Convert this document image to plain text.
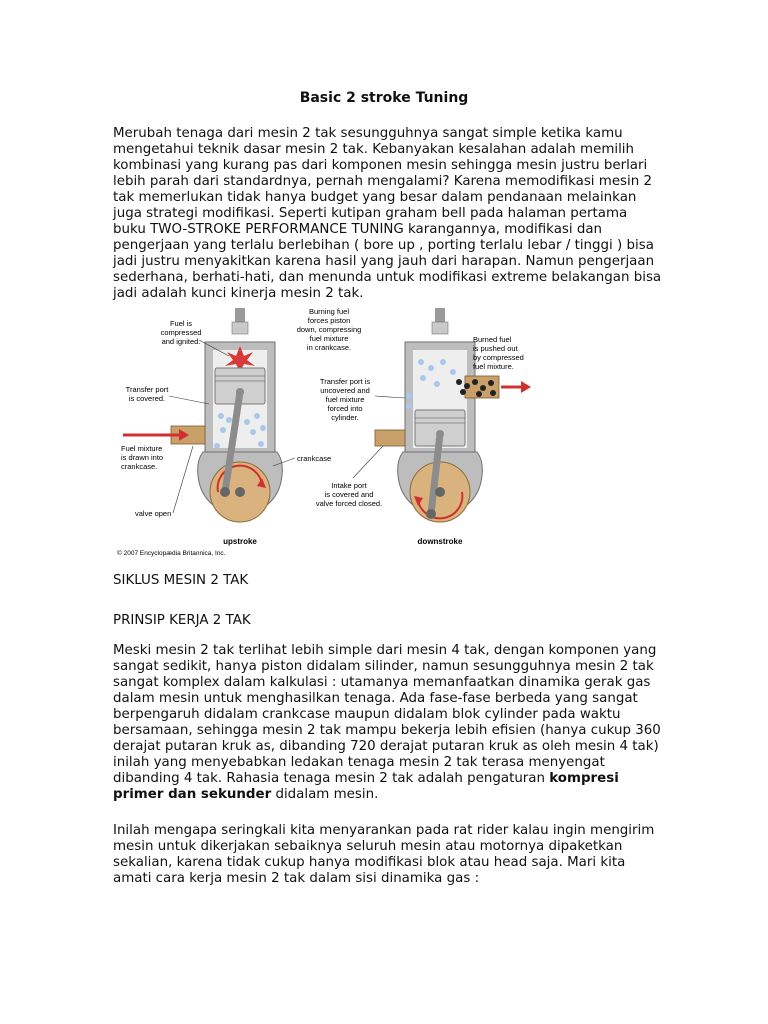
Basic 2 stroke Tuning

Merubah tenaga dari mesin 2 tak sesungguhnya sangat simple ketika kamu mengetahui teknik dasar mesin 2 tak. Kebanyakan kesalahan adalah memilih kombinasi yang kurang pas dari komponen mesin sehingga mesin justru berlari lebih parah dari standardnya, pernah mengalami? Karena memodifikasi mesin 2 tak memerlukan tidak hanya budget yang besar dalam pendanaan melainkan juga strategi modifikasi. Seperti kutipan graham bell pada halaman pertama buku TWO-STROKE PERFORMANCE TUNING karangannya, modifikasi dan pengerjaan yang terlalu berlebihan ( bore up , porting terlalu lebar / tinggi ) bisa jadi justru menyakitkan karena hasil yang jauh dari harapan. Namun pengerjaan sederhana, berhati-hati, dan menunda untuk modifikasi extreme belakangan bisa jadi adalah kunci kinerja mesin 2 tak.

Fuel is
compressed
and ignited.
Transfer port
is covered.
Fuel mixture
is drawn into
crankcase.
crankcase
valve open
upstroke
© 2007 Encyclopædia Britannica, Inc.
Burning fuel
forces piston
down, compressing
fuel mixture
in crankcase.
Transfer port is
uncovered and
fuel mixture
forced into
cylinder.
Intake port
is covered and
valve forced closed.
Burned fuel
is pushed out
by compressed
fuel mixture.
downstroke

SIKLUS MESIN 2 TAK

PRINSIP KERJA 2 TAK

Meski mesin 2 tak terlihat lebih simple dari mesin 4 tak, dengan komponen yang sangat sedikit, hanya piston didalam silinder, namun sesungguhnya mesin 2 tak sangat komplex dalam kalkulasi : utamanya memanfaatkan dinamika gerak gas dalam mesin untuk menghasilkan tenaga. Ada fase-fase berbeda yang sangat berpengaruh didalam crankcase maupun didalam blok cylinder pada waktu bersamaan, sehingga mesin 2 tak mampu bekerja lebih efisien (hanya cukup 360 derajat putaran kruk as, dibanding 720 derajat putaran kruk as oleh mesin 4 tak) inilah yang menyebabkan ledakan tenaga mesin 2 tak terasa menyengat dibanding 4 tak. Rahasia tenaga mesin 2 tak adalah pengaturan kompresi primer dan sekunder didalam mesin.

Inilah mengapa seringkali kita menyarankan pada rat rider kalau ingin mengirim mesin untuk dikerjakan sebaiknya seluruh mesin atau motornya dipaketkan sekalian, karena tidak cukup hanya modifikasi blok atau head saja. Mari kita amati cara kerja mesin 2 tak dalam sisi dinamika gas :
